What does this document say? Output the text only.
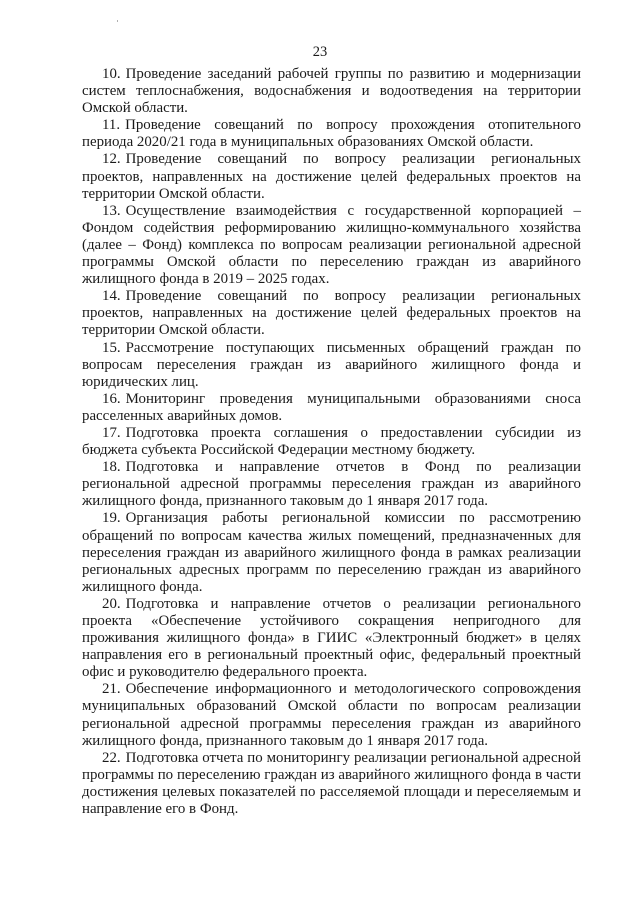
23

10. Проведение заседаний рабочей группы по развитию и модернизации систем теплоснабжения, водоснабжения и водоотведения на территории Омской области.

11. Проведение совещаний по вопросу прохождения отопительного периода 2020/21 года в муниципальных образованиях Омской области.

12. Проведение совещаний по вопросу реализации региональных проектов, направленных на достижение целей федеральных проектов на территории Омской области.

13. Осуществление взаимодействия с государственной корпорацией – Фондом содействия реформированию жилищно-коммунального хозяйства (далее – Фонд) комплекса по вопросам реализации региональной адресной программы Омской области по переселению граждан из аварийного жилищного фонда в 2019 – 2025 годах.

14. Проведение совещаний по вопросу реализации региональных проектов, направленных на достижение целей федеральных проектов на территории Омской области.

15. Рассмотрение поступающих письменных обращений граждан по вопросам переселения граждан из аварийного жилищного фонда и юридических лиц.

16. Мониторинг проведения муниципальными образованиями сноса расселенных аварийных домов.

17. Подготовка проекта соглашения о предоставлении субсидии из бюджета субъекта Российской Федерации местному бюджету.

18. Подготовка и направление отчетов в Фонд по реализации региональной адресной программы переселения граждан из аварийного жилищного фонда, признанного таковым до 1 января 2017 года.

19. Организация работы региональной комиссии по рассмотрению обращений по вопросам качества жилых помещений, предназначенных для переселения граждан из аварийного жилищного фонда в рамках реализации региональных адресных программ по переселению граждан из аварийного жилищного фонда.

20. Подготовка и направление отчетов о реализации регионального проекта «Обеспечение устойчивого сокращения непригодного для проживания жилищного фонда» в ГИИС «Электронный бюджет» в целях направления его в региональный проектный офис, федеральный проектный офис и руководителю федерального проекта.

21. Обеспечение информационного и методологического сопровождения муниципальных образований Омской области по вопросам реализации региональной адресной программы переселения граждан из аварийного жилищного фонда, признанного таковым до 1 января 2017 года.

22. Подготовка отчета по мониторингу реализации региональной адресной программы по переселению граждан из аварийного жилищного фонда в части достижения целевых показателей по расселяемой площади и переселяемым и направление его в Фонд.
